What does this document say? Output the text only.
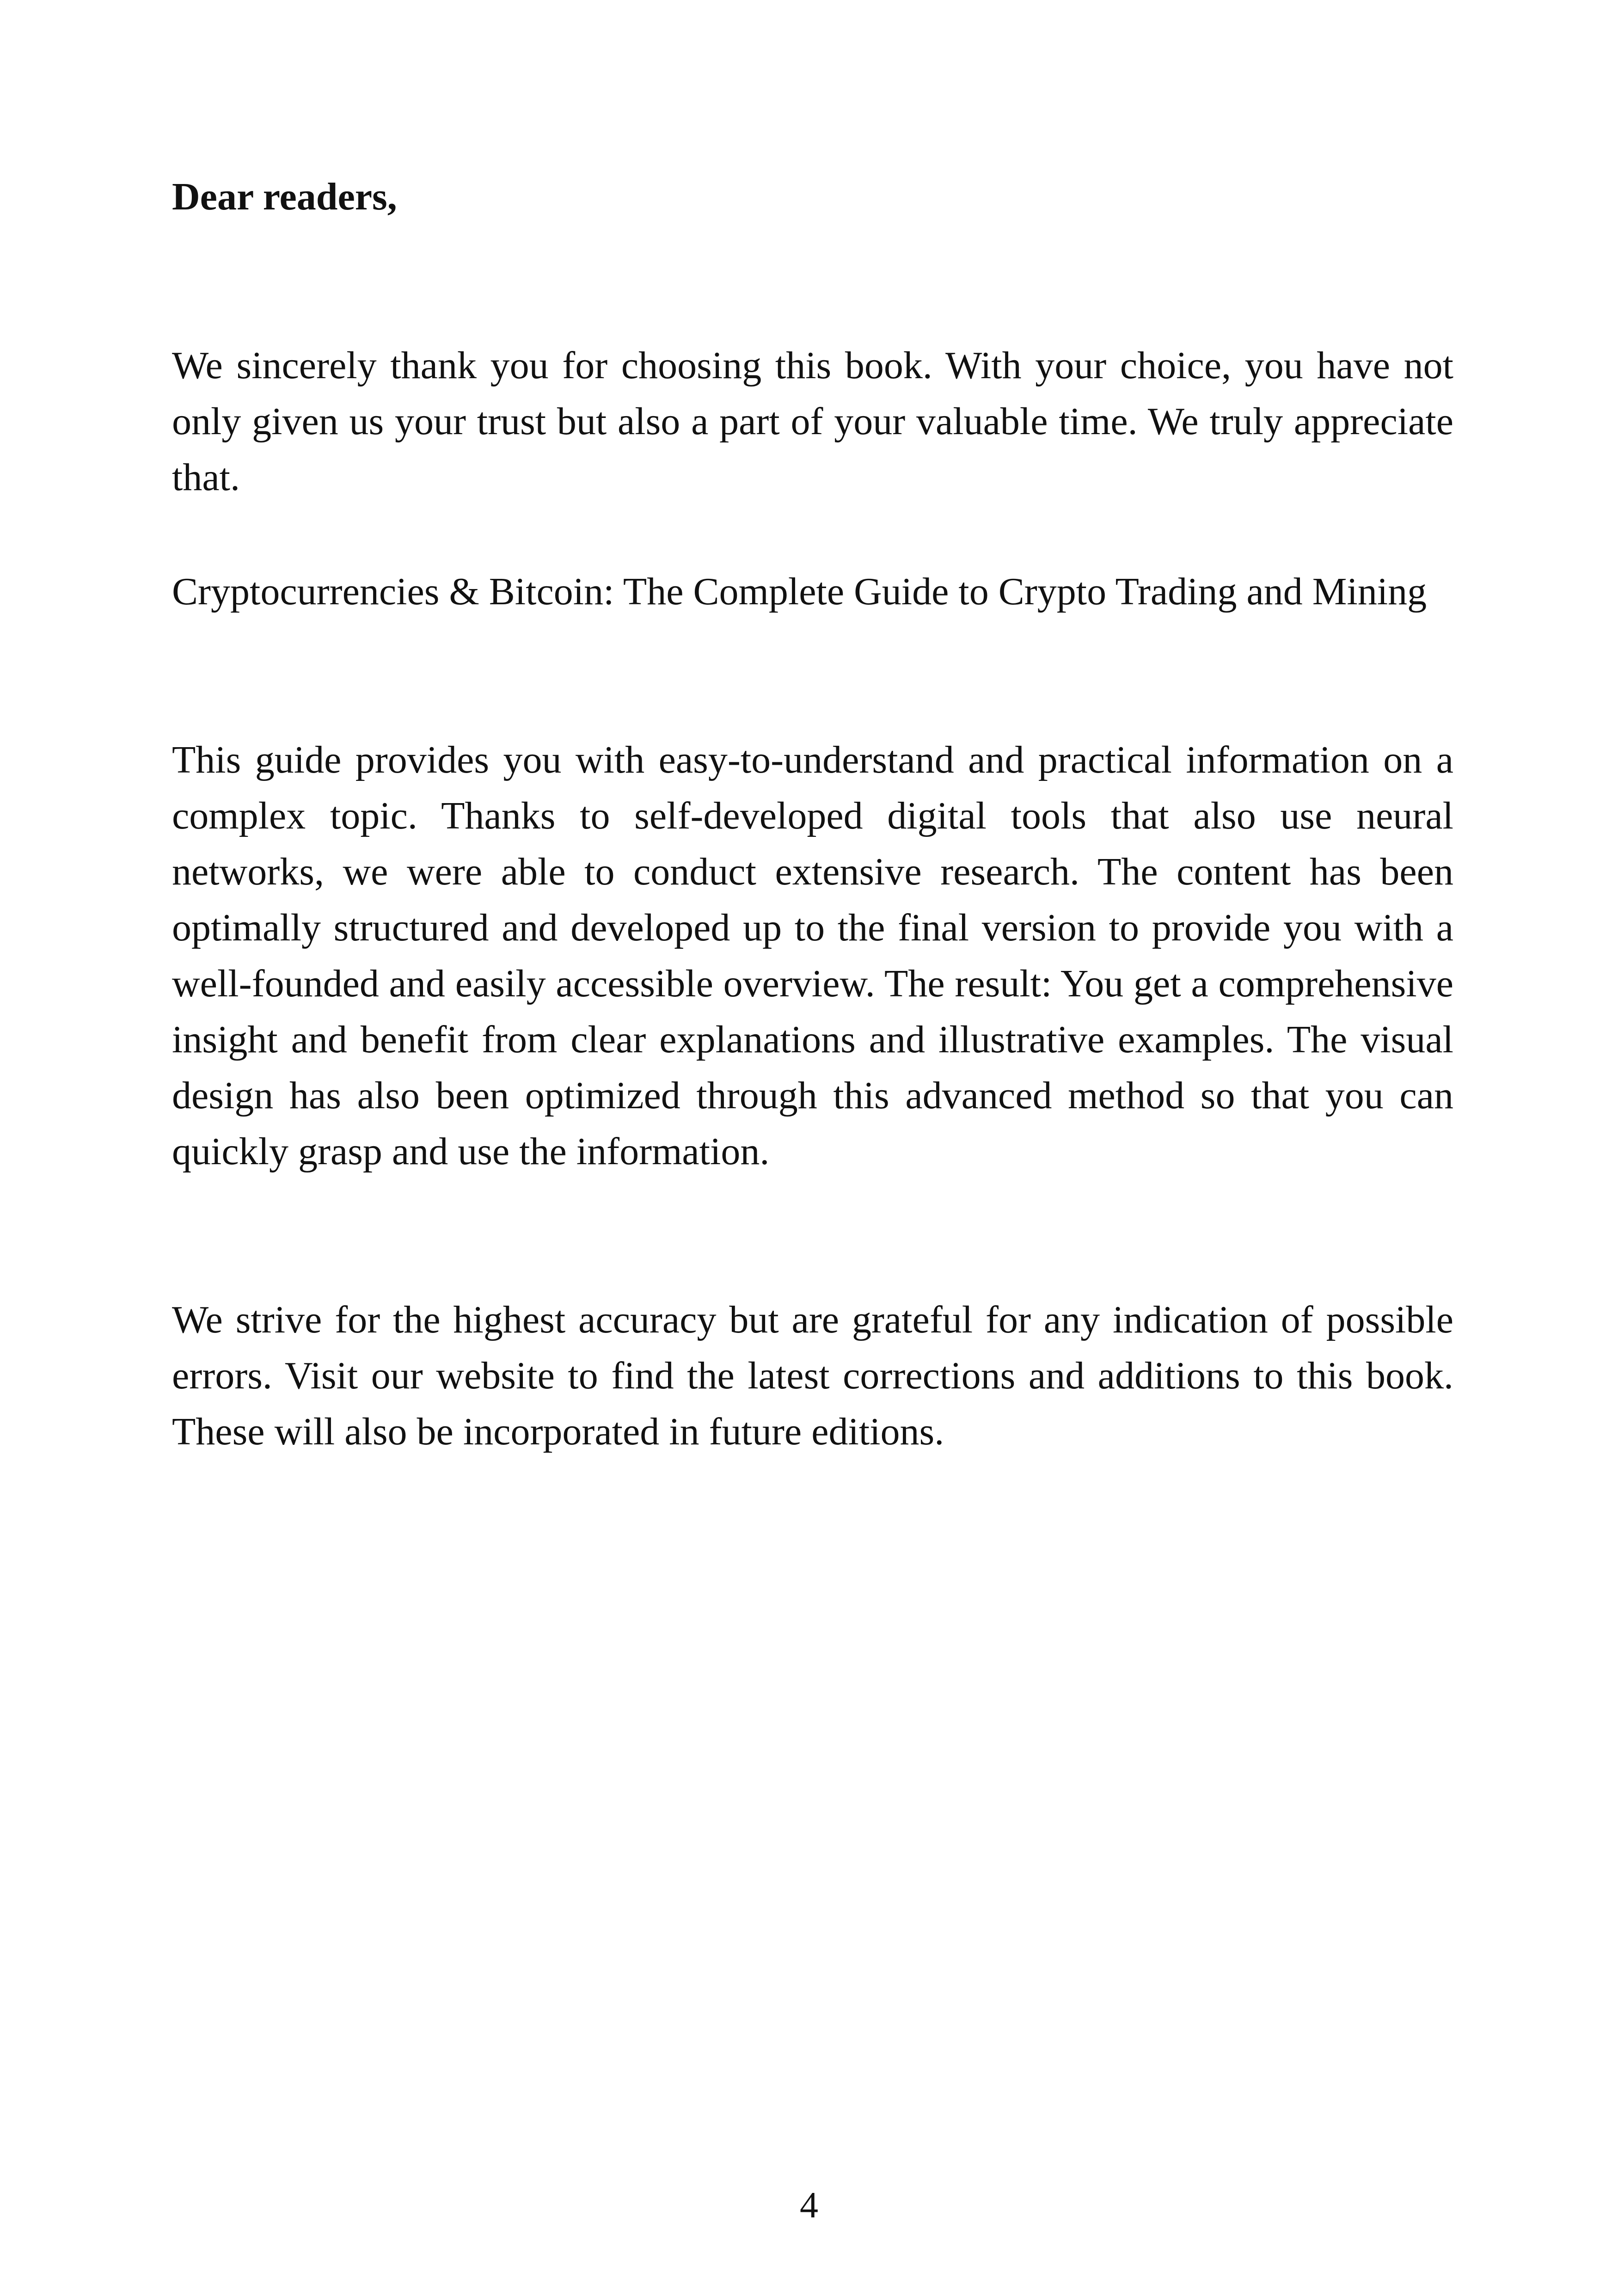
Dear readers,

We sincerely thank you for choosing this book. With your choice, you have not only given us your trust but also a part of your valuable time. We truly appreciate that.

Cryptocurrencies & Bitcoin: The Complete Guide to Crypto Trading and Mining

This guide provides you with easy-to-understand and practical information on a complex topic. Thanks to self-developed digital tools that also use neural networks, we were able to conduct extensive research. The content has been optimally structured and developed up to the final version to provide you with a well-founded and easily accessible overview. The result: You get a comprehensive insight and benefit from clear explanations and illustrative examples. The visual design has also been optimized through this advanced method so that you can quickly grasp and use the information.

We strive for the highest accuracy but are grateful for any indication of possible errors. Visit our website to find the latest corrections and additions to this book. These will also be incorporated in future editions.

4
